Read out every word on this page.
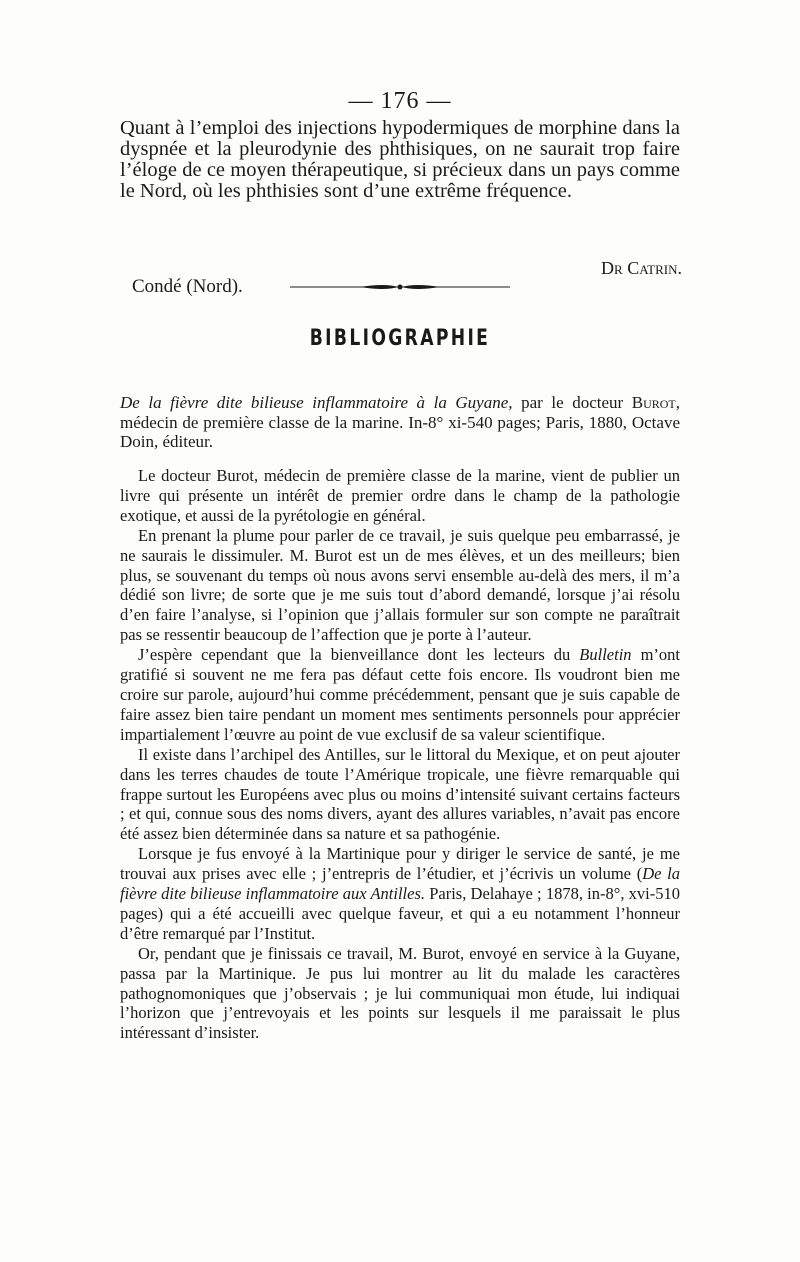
— 176 —

Quant à l’emploi des injections hypodermiques de morphine dans la dyspnée et la pleurodynie des phthisiques, on ne saurait trop faire l’éloge de ce moyen thérapeutique, si précieux dans un pays comme le Nord, où les phthisies sont d’une extrême fréquence.

Dr Catrin.
Condé (Nord).
BIBLIOGRAPHIE

De la fièvre dite bilieuse inflammatoire à la Guyane, par le docteur Burot, médecin de première classe de la marine. In-8° xi-540 pages; Paris, 1880, Octave Doin, éditeur.

Le docteur Burot, médecin de première classe de la marine, vient de publier un livre qui présente un intérêt de premier ordre dans le champ de la pathologie exotique, et aussi de la pyrétologie en général.

En prenant la plume pour parler de ce travail, je suis quelque peu embarrassé, je ne saurais le dissimuler. M. Burot est un de mes élèves, et un des meilleurs; bien plus, se souvenant du temps où nous avons servi ensemble au-delà des mers, il m’a dédié son livre; de sorte que je me suis tout d’abord demandé, lorsque j’ai résolu d’en faire l’analyse, si l’opinion que j’allais formuler sur son compte ne paraîtrait pas se ressentir beaucoup de l’affection que je porte à l’auteur.

J’espère cependant que la bienveillance dont les lecteurs du Bulletin m’ont gratifié si souvent ne me fera pas défaut cette fois encore. Ils voudront bien me croire sur parole, aujourd’hui comme précédemment, pensant que je suis capable de faire assez bien taire pendant un moment mes sentiments personnels pour apprécier impartialement l’œuvre au point de vue exclusif de sa valeur scientifique.

Il existe dans l’archipel des Antilles, sur le littoral du Mexique, et on peut ajouter dans les terres chaudes de toute l’Amérique tropicale, une fièvre remarquable qui frappe surtout les Européens avec plus ou moins d’intensité suivant certains facteurs ; et qui, connue sous des noms divers, ayant des allures variables, n’avait pas encore été assez bien déterminée dans sa nature et sa pathogénie.

Lorsque je fus envoyé à la Martinique pour y diriger le service de santé, je me trouvai aux prises avec elle ; j’entrepris de l’étudier, et j’écrivis un volume (De la fièvre dite bilieuse inflammatoire aux Antilles. Paris, Delahaye ; 1878, in-8°, xvi-510 pages) qui a été accueilli avec quelque faveur, et qui a eu notamment l’honneur d’être remarqué par l’Institut.

Or, pendant que je finissais ce travail, M. Burot, envoyé en service à la Guyane, passa par la Martinique. Je pus lui montrer au lit du malade les caractères pathognomoniques que j’observais ; je lui communiquai mon étude, lui indiquai l’horizon que j’entrevoyais et les points sur lesquels il me paraissait le plus intéressant d’insister.
